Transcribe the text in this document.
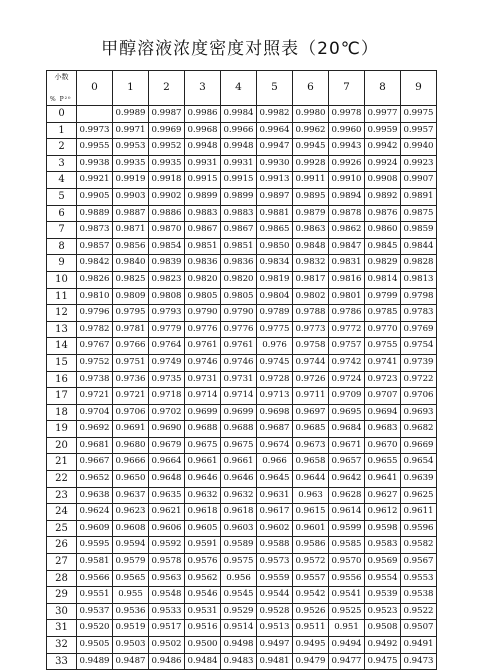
甲醇溶液浓度密度对照表（20℃）
小数
% P²⁰	0	1	2	3	4	5	6	7	8	9
0		0.9989	0.9987	0.9986	0.9984	0.9982	0.9980	0.9978	0.9977	0.9975
1	0.9973	0.9971	0.9969	0.9968	0.9966	0.9964	0.9962	0.9960	0.9959	0.9957
2	0.9955	0.9953	0.9952	0.9948	0.9948	0.9947	0.9945	0.9943	0.9942	0.9940
3	0.9938	0.9935	0.9935	0.9931	0.9931	0.9930	0.9928	0.9926	0.9924	0.9923
4	0.9921	0.9919	0.9918	0.9915	0.9915	0.9913	0.9911	0.9910	0.9908	0.9907
5	0.9905	0.9903	0.9902	0.9899	0.9899	0.9897	0.9895	0.9894	0.9892	0.9891
6	0.9889	0.9887	0.9886	0.9883	0.9883	0.9881	0.9879	0.9878	0.9876	0.9875
7	0.9873	0.9871	0.9870	0.9867	0.9867	0.9865	0.9863	0.9862	0.9860	0.9859
8	0.9857	0.9856	0.9854	0.9851	0.9851	0.9850	0.9848	0.9847	0.9845	0.9844
9	0.9842	0.9840	0.9839	0.9836	0.9836	0.9834	0.9832	0.9831	0.9829	0.9828
10	0.9826	0.9825	0.9823	0.9820	0.9820	0.9819	0.9817	0.9816	0.9814	0.9813
11	0.9810	0.9809	0.9808	0.9805	0.9805	0.9804	0.9802	0.9801	0.9799	0.9798
12	0.9796	0.9795	0.9793	0.9790	0.9790	0.9789	0.9788	0.9786	0.9785	0.9783
13	0.9782	0.9781	0.9779	0.9776	0.9776	0.9775	0.9773	0.9772	0.9770	0.9769
14	0.9767	0.9766	0.9764	0.9761	0.9761	0.976	0.9758	0.9757	0.9755	0.9754
15	0.9752	0.9751	0.9749	0.9746	0.9746	0.9745	0.9744	0.9742	0.9741	0.9739
16	0.9738	0.9736	0.9735	0.9731	0.9731	0.9728	0.9726	0.9724	0.9723	0.9722
17	0.9721	0.9721	0.9718	0.9714	0.9714	0.9713	0.9711	0.9709	0.9707	0.9706
18	0.9704	0.9706	0.9702	0.9699	0.9699	0.9698	0.9697	0.9695	0.9694	0.9693
19	0.9692	0.9691	0.9690	0.9688	0.9688	0.9687	0.9685	0.9684	0.9683	0.9682
20	0.9681	0.9680	0.9679	0.9675	0.9675	0.9674	0.9673	0.9671	0.9670	0.9669
21	0.9667	0.9666	0.9664	0.9661	0.9661	0.966	0.9658	0.9657	0.9655	0.9654
22	0.9652	0.9650	0.9648	0.9646	0.9646	0.9645	0.9644	0.9642	0.9641	0.9639
23	0.9638	0.9637	0.9635	0.9632	0.9632	0.9631	0.963	0.9628	0.9627	0.9625
24	0.9624	0.9623	0.9621	0.9618	0.9618	0.9617	0.9615	0.9614	0.9612	0.9611
25	0.9609	0.9608	0.9606	0.9605	0.9603	0.9602	0.9601	0.9599	0.9598	0.9596
26	0.9595	0.9594	0.9592	0.9591	0.9589	0.9588	0.9586	0.9585	0.9583	0.9582
27	0.9581	0.9579	0.9578	0.9576	0.9575	0.9573	0.9572	0.9570	0.9569	0.9567
28	0.9566	0.9565	0.9563	0.9562	0.956	0.9559	0.9557	0.9556	0.9554	0.9553
29	0.9551	0.955	0.9548	0.9546	0.9545	0.9544	0.9542	0.9541	0.9539	0.9538
30	0.9537	0.9536	0.9533	0.9531	0.9529	0.9528	0.9526	0.9525	0.9523	0.9522
31	0.9520	0.9519	0.9517	0.9516	0.9514	0.9513	0.9511	0.951	0.9508	0.9507
32	0.9505	0.9503	0.9502	0.9500	0.9498	0.9497	0.9495	0.9494	0.9492	0.9491
33	0.9489	0.9487	0.9486	0.9484	0.9483	0.9481	0.9479	0.9477	0.9475	0.9473
